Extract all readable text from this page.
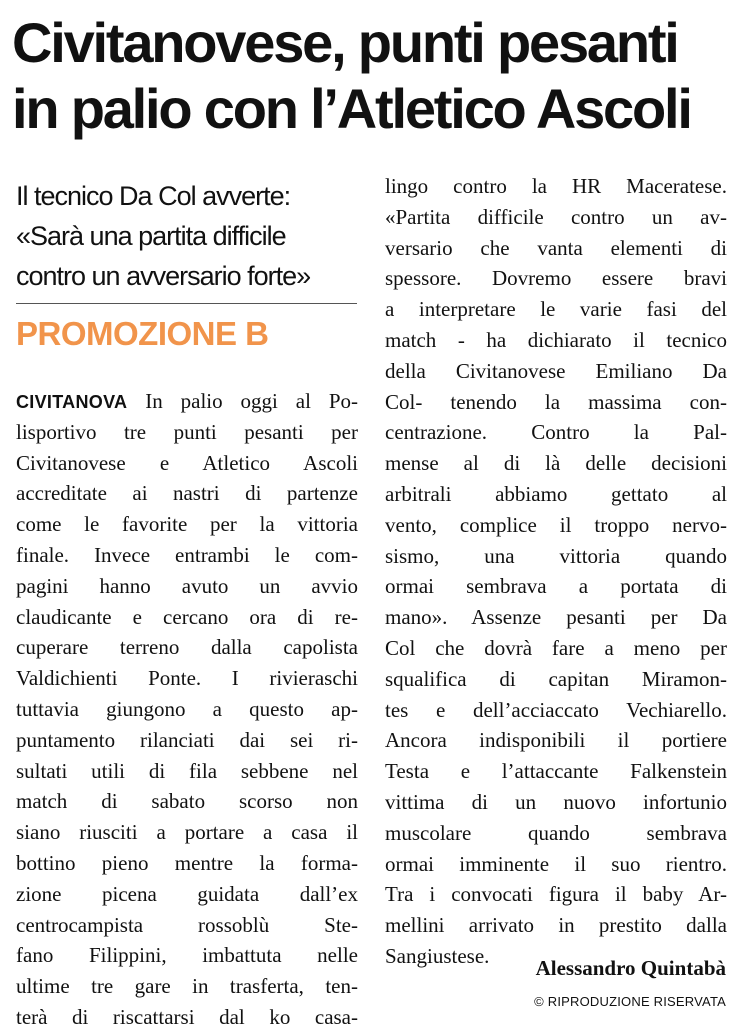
Civitanovese, punti pesanti
in palio con l’Atletico Ascoli
Il tecnico Da Col avverte:
«Sarà una partita difficile
contro un avversario forte»
PROMOZIONE B
CIVITANOVA In palio oggi al Po-
lisportivo tre punti pesanti per
Civitanovese e Atletico Ascoli
accreditate ai nastri di partenze
come le favorite per la vittoria
finale. Invece entrambi le com-
pagini hanno avuto un avvio
claudicante e cercano ora di re-
cuperare terreno dalla capolista
Valdichienti Ponte. I rivieraschi
tuttavia giungono a questo ap-
puntamento rilanciati dai sei ri-
sultati utili di fila sebbene nel
match di sabato scorso non
siano riusciti a portare a casa il
bottino pieno mentre la forma-
zione picena guidata dall’ex
centrocampista rossoblù Ste-
fano Filippini, imbattuta nelle
ultime tre gare in trasferta, ten-
terà di riscattarsi dal ko casa-
lingo contro la HR Maceratese.
«Partita difficile contro un av-
versario che vanta elementi di
spessore. Dovremo essere bravi
a interpretare le varie fasi del
match - ha dichiarato il tecnico
della Civitanovese Emiliano Da
Col- tenendo la massima con-
centrazione. Contro la Pal-
mense al di là delle decisioni
arbitrali abbiamo gettato al
vento, complice il troppo nervo-
sismo, una vittoria quando
ormai sembrava a portata di
mano». Assenze pesanti per Da
Col che dovrà fare a meno per
squalifica di capitan Miramon-
tes e dell’acciaccato Vechiarello.
Ancora indisponibili il portiere
Testa e l’attaccante Falkenstein
vittima di un nuovo infortunio
muscolare quando sembrava
ormai imminente il suo rientro.
Tra i convocati figura il baby Ar-
mellini arrivato in prestito dalla
Sangiustese.
Alessandro Quintabà
© RIPRODUZIONE RISERVATA
